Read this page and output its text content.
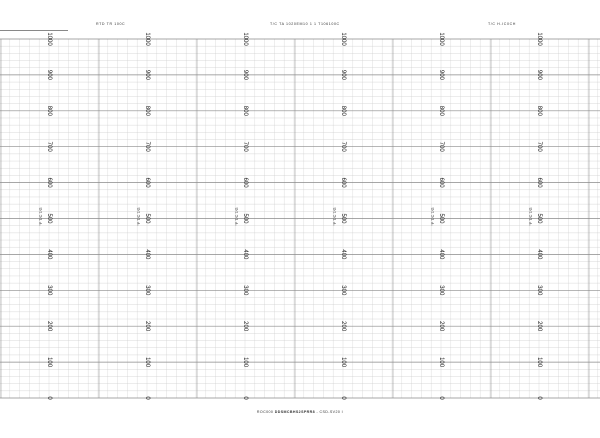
RTD TR 100C	T/C TA 1020EM10 1 1 T106100C	T/C H-IC0CH
1000
900
800
700
600
500
400
300
200
100
0
°F T/C 7/G
1000
900
800
700
600
500
400
300
200
100
0
°F T/C 7/G
1000
900
800
700
600
500
400
300
200
100
0
°F T/C 7/G
1000
900
800
700
600
500
400
300
200
100
0
°F T/C 7/G
1000
900
800
700
600
500
400
300
200
100
0
°F T/C 7/G
1000
900
800
700
600
500
400
300
200
100
0
°F T/C 7/G
ROC000 DDSMCBHS2SPRR8 - CSD-SV20 I
